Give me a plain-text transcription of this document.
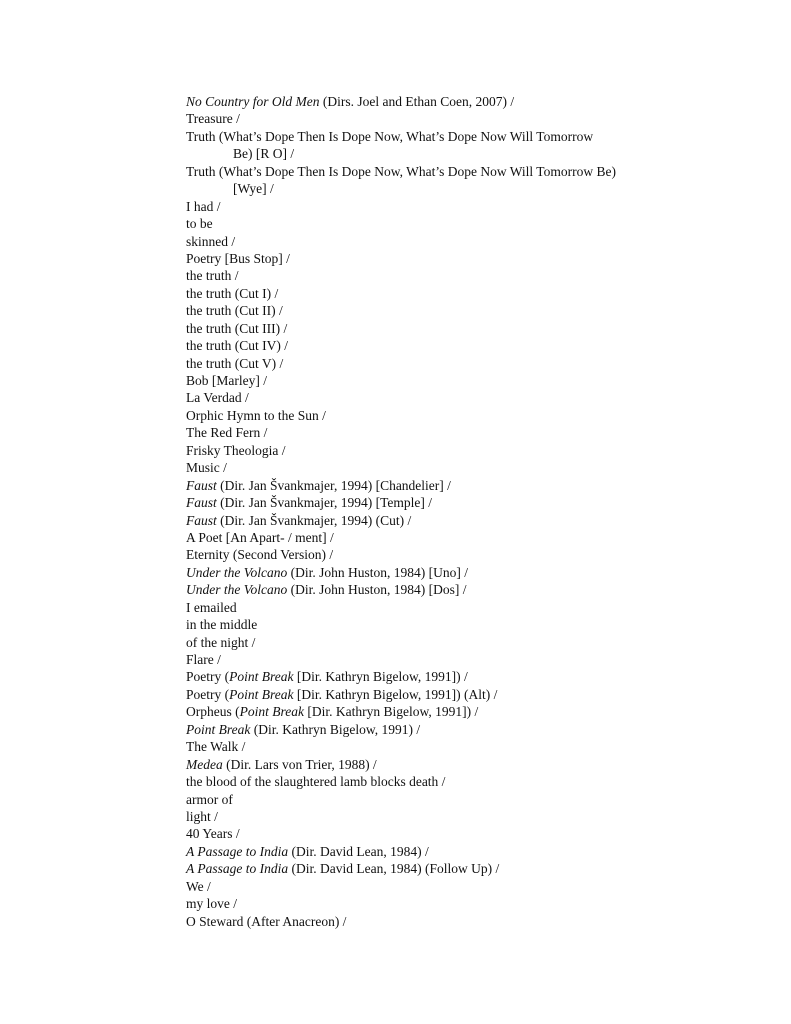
No Country for Old Men (Dirs. Joel and Ethan Coen, 2007) /
Treasure /
Truth (What’s Dope Then Is Dope Now, What’s Dope Now Will Tomorrow
Be) [R O] /
Truth (What’s Dope Then Is Dope Now, What’s Dope Now Will Tomorrow Be)
[Wye] /
I had /
to be
skinned /
Poetry [Bus Stop] /
the truth /
the truth (Cut I) /
the truth (Cut II) /
the truth (Cut III) /
the truth (Cut IV) /
the truth (Cut V) /
Bob [Marley] /
La Verdad /
Orphic Hymn to the Sun /
The Red Fern /
Frisky Theologia /
Music /
Faust (Dir. Jan Švankmajer, 1994) [Chandelier] /
Faust (Dir. Jan Švankmajer, 1994) [Temple] /
Faust (Dir. Jan Švankmajer, 1994) (Cut) /
A Poet [An Apart- / ment] /
Eternity (Second Version) /
Under the Volcano (Dir. John Huston, 1984) [Uno] /
Under the Volcano (Dir. John Huston, 1984) [Dos] /
I emailed
in the middle
of the night /
Flare /
Poetry (Point Break [Dir. Kathryn Bigelow, 1991]) /
Poetry (Point Break [Dir. Kathryn Bigelow, 1991]) (Alt) /
Orpheus (Point Break [Dir. Kathryn Bigelow, 1991]) /
Point Break (Dir. Kathryn Bigelow, 1991) /
The Walk /
Medea (Dir. Lars von Trier, 1988) /
the blood of the slaughtered lamb blocks death /
armor of
light /
40 Years /
A Passage to India (Dir. David Lean, 1984) /
A Passage to India (Dir. David Lean, 1984) (Follow Up) /
We /
my love /
O Steward (After Anacreon) /
